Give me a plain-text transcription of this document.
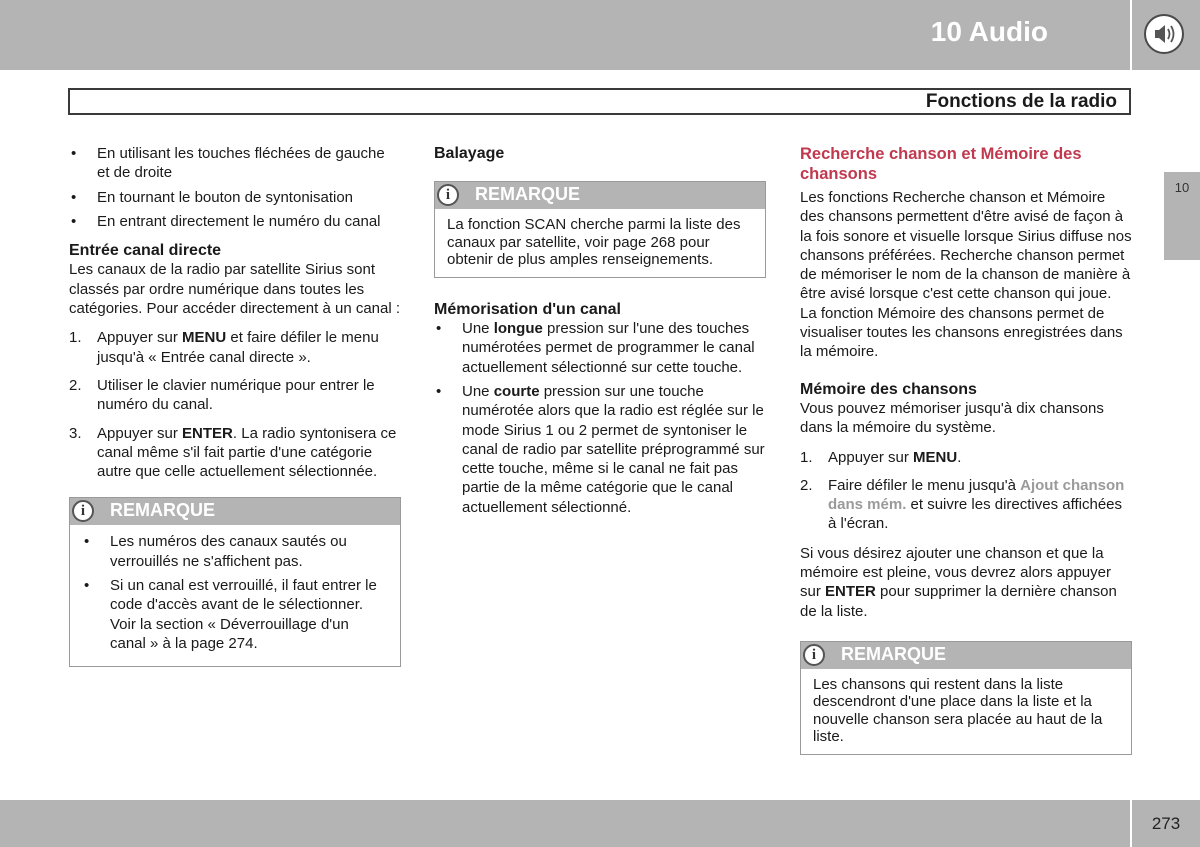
10 Audio
Fonctions de la radio
10
• En utilisant les touches fléchées de gauche et de droite
• En tournant le bouton de syntonisation
• En entrant directement le numéro du canal
Entrée canal directe

Les canaux de la radio par satellite Sirius sont classés par ordre numérique dans toutes les catégories. Pour accéder directement à un canal :

1. Appuyer sur MENU et faire défiler le menu jusqu'à « Entrée canal directe ».
2. Utiliser le clavier numérique pour entrer le numéro du canal.
3. Appuyer sur ENTER. La radio syntonisera ce canal même s'il fait partie d'une catégorie autre que celle actuellement sélectionnée.
i	REMARQUE
• Les numéros des canaux sautés ou verrouillés ne s'affichent pas.
• Si un canal est verrouillé, il faut entrer le code d'accès avant de le sélectionner. Voir la section « Déverrouillage d'un canal » à la page 274.
Balayage
i	REMARQUE

La fonction SCAN cherche parmi la liste des canaux par satellite, voir page 268 pour obtenir de plus amples renseignements.

Mémorisation d'un canal
• Une longue pression sur l'une des touches numérotées permet de programmer le canal actuellement sélectionné sur cette touche.
• Une courte pression sur une touche numérotée alors que la radio est réglée sur le mode Sirius 1 ou 2 permet de syntoniser le canal de radio par satellite préprogrammé sur cette touche, même si le canal ne fait pas partie de la même catégorie que le canal actuellement sélectionné.
Recherche chanson et Mémoire des chansons

Les fonctions Recherche chanson et Mémoire des chansons permettent d'être avisé de façon à la fois sonore et visuelle lorsque Sirius diffuse nos chansons préférées. Recherche chanson permet de mémoriser le nom de la chanson de manière à être avisé lorsque c'est cette chanson qui joue. La fonction Mémoire des chansons permet de visualiser toutes les chansons enregistrées dans la mémoire.

Mémoire des chansons

Vous pouvez mémoriser jusqu'à dix chansons dans la mémoire du système.

1. Appuyer sur MENU.
2. Faire défiler le menu jusqu'à Ajout chanson dans mém. et suivre les directives affichées à l'écran.

Si vous désirez ajouter une chanson et que la mémoire est pleine, vous devrez alors appuyer sur ENTER pour supprimer la dernière chanson de la liste.

i	REMARQUE

Les chansons qui restent dans la liste descendront d'une place dans la liste et la nouvelle chanson sera placée au haut de la liste.

273
